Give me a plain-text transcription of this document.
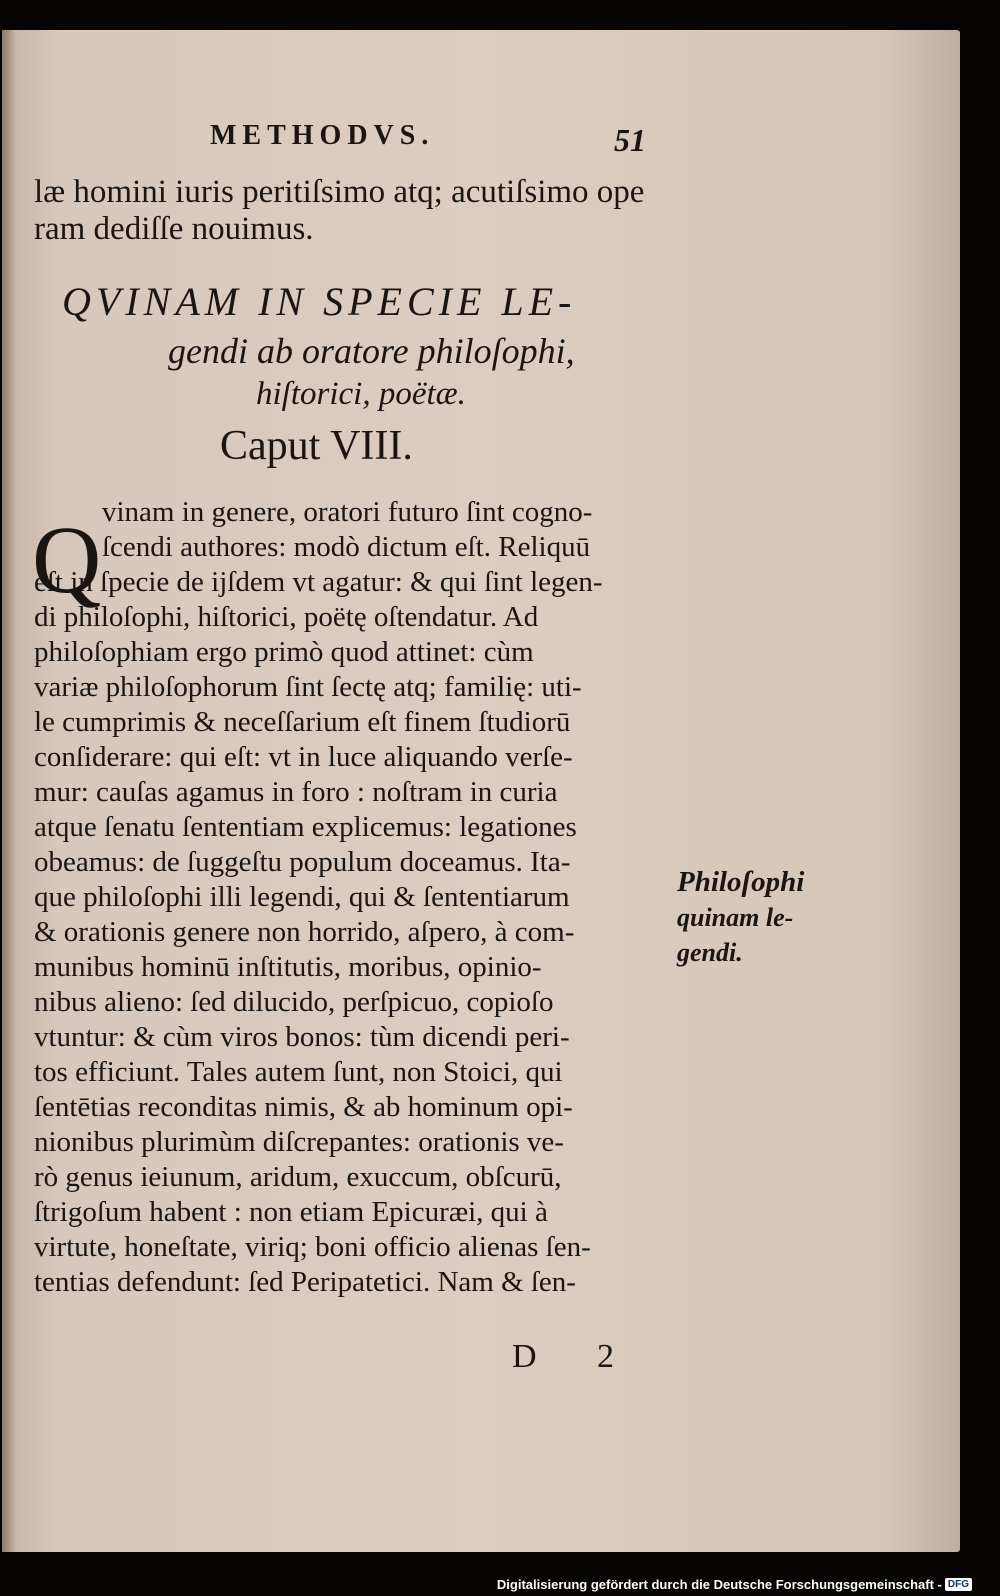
METHODVS.	51
læ homini iuris peritiſsimo atq; acutiſsimo ope
ram dediſſe nouimus.
QVINAM IN SPECIE LE-
gendi ab oratore philoſophi,
hiſtorici, poëtæ.
Caput VIII.
Q vinam in genere, oratori futuro ſint cogno-
ſcendi authores: modò dictum eſt. Reliquū
eſt in ſpecie de ijſdem vt agatur: & qui ſint legen-
di philoſophi, hiſtorici, poëtę oſtendatur. Ad
philoſophiam ergo primò quod attinet: cùm
variæ philoſophorum ſint ſectę atq; familię: uti-
le cumprimis & neceſſarium eſt finem ſtudiorū
conſiderare: qui eſt: vt in luce aliquando verſe-
mur: cauſas agamus in foro : noſtram in curia
atque ſenatu ſententiam explicemus: legationes
obeamus: de ſuggeſtu populum doceamus. Ita-
que philoſophi illi legendi, qui & ſententiarum
& orationis genere non horrido, aſpero, à com-
munibus hominū inſtitutis, moribus, opinio-
nibus alieno: ſed dilucido, perſpicuo, copioſo
vtuntur: & cùm viros bonos: tùm dicendi peri-
tos efficiunt. Tales autem ſunt, non Stoici, qui
ſentētias reconditas nimis, & ab hominum opi-
nionibus plurimùm diſcrepantes: orationis ve-
rò genus ieiunum, aridum, exuccum, obſcurū,
ſtrigoſum habent : non etiam Epicuræi, qui à
virtute, honeſtate, viriq; boni officio alienas ſen-
tentias defendunt: ſed Peripatetici. Nam & ſen-
Philoſophi
quinam le-
gendi.
D 2
Digitalisierung gefördert durch die Deutsche Forschungsgemeinschaft - DFG
